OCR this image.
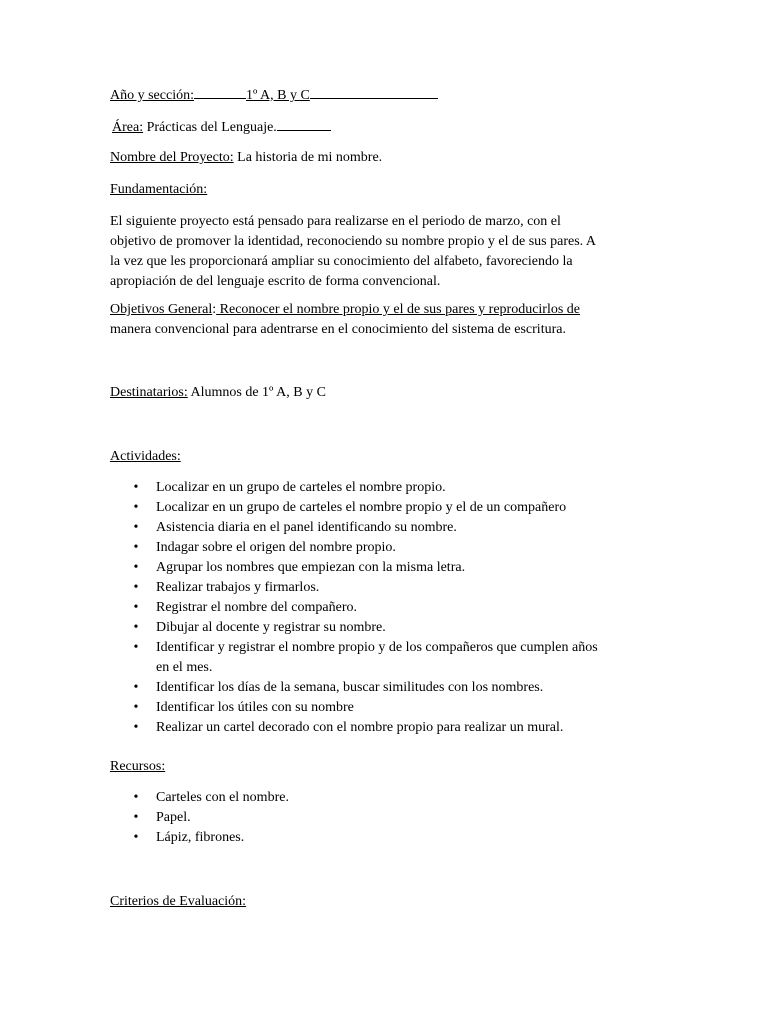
Año y sección:	1º A, B y C
Área: Prácticas del Lenguaje.
Nombre del Proyecto: La historia de mi nombre.
Fundamentación:
El siguiente proyecto está pensado para realizarse en el periodo de marzo, con el
objetivo de promover la identidad, reconociendo su nombre propio y el de sus pares. A
la vez que les proporcionará ampliar su conocimiento del alfabeto, favoreciendo la
apropiación de del lenguaje escrito de forma convencional.
Objetivos General: Reconocer el nombre propio y el de sus pares y reproducirlos de
manera convencional para adentrarse en el conocimiento del sistema de escritura.
Destinatarios: Alumnos de 1º A, B y C
Actividades:
• Localizar en un grupo de carteles el nombre propio.
• Localizar en un grupo de carteles el nombre propio y el de un compañero
• Asistencia diaria en el panel identificando su nombre.
• Indagar sobre el origen del nombre propio.
• Agrupar los nombres que empiezan con la misma letra.
• Realizar trabajos y firmarlos.
• Registrar el nombre del compañero.
• Dibujar al docente y registrar su nombre.
• Identificar y registrar el nombre propio y de los compañeros que cumplen años
en el mes.
• Identificar los días de la semana, buscar similitudes con los nombres.
• Identificar los útiles con su nombre
• Realizar un cartel decorado con el nombre propio para realizar un mural.
Recursos:
• Carteles con el nombre.
• Papel.
• Lápiz, fibrones.
Criterios de Evaluación:
